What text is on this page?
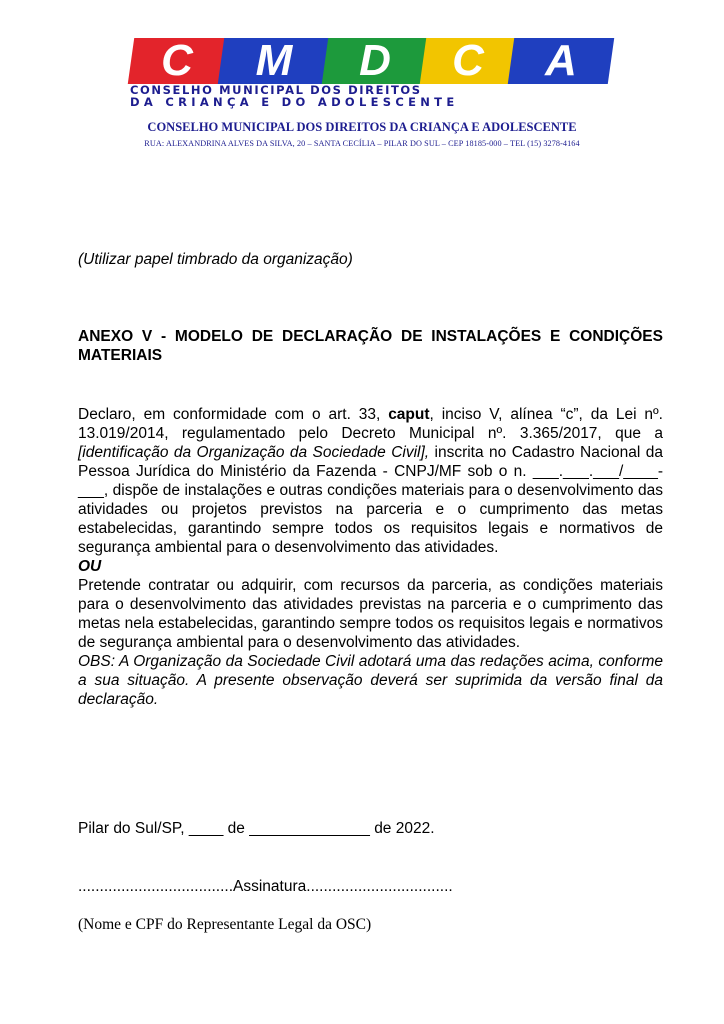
C	M	D	C	A
CONSELHO MUNICIPAL DOS DIREITOS
DA CRIANÇA E DO ADOLESCENTE
CONSELHO MUNICIPAL DOS DIREITOS DA CRIANÇA E ADOLESCENTE
RUA: ALEXANDRINA ALVES DA SILVA, 20 – SANTA CECÍLIA – PILAR DO SUL – CEP 18185-000 – TEL (15) 3278-4164
(Utilizar papel timbrado da organização)
ANEXO V - MODELO DE DECLARAÇÃO DE INSTALAÇÕES E CONDIÇÕES MATERIAIS

Declaro, em conformidade com o art. 33, caput, inciso V, alínea “c”, da Lei nº. 13.019/2014, regulamentado pelo Decreto Municipal nº. 3.365/2017, que a [identificação da Organização da Sociedade Civil], inscrita no Cadastro Nacional da Pessoa Jurídica do Ministério da Fazenda - CNPJ/MF sob o n. ___.___.___/____-___, dispõe de instalações e outras condições materiais para o desenvolvimento das atividades ou projetos previstos na parceria e o cumprimento das metas estabelecidas, garantindo sempre todos os requisitos legais e normativos de segurança ambiental para o desenvolvimento das atividades.

OU

Pretende contratar ou adquirir, com recursos da parceria, as condições materiais para o desenvolvimento das atividades previstas na parceria e o cumprimento das metas nela estabelecidas, garantindo sempre todos os requisitos legais e normativos de segurança ambiental para o desenvolvimento das atividades.

OBS: A Organização da Sociedade Civil adotará uma das redações acima, conforme a sua situação. A presente observação deverá ser suprimida da versão final da declaração.

Pilar do Sul/SP, ____ de ______________ de 2022.
....................................Assinatura..................................
(Nome e CPF do Representante Legal da OSC)
